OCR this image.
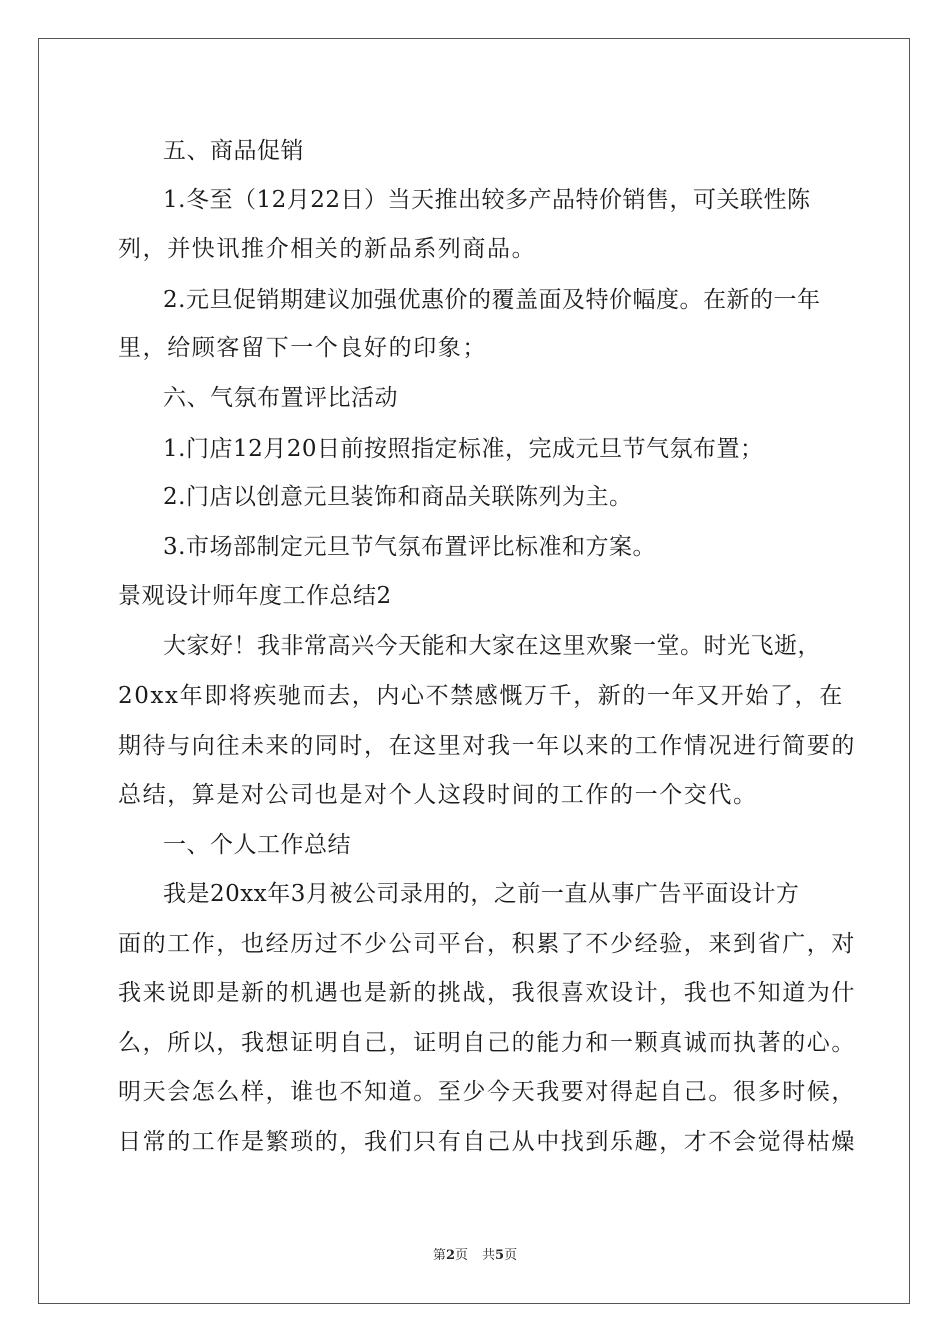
五、商品促销
1.冬至（12月22日）当天推出较多产品特价销售，可关联性陈
列，并快讯推介相关的新品系列商品。
2.元旦促销期建议加强优惠价的覆盖面及特价幅度。在新的一年
里，给顾客留下一个良好的印象；
六、气氛布置评比活动
1.门店12月20日前按照指定标准，完成元旦节气氛布置；
2.门店以创意元旦装饰和商品关联陈列为主。
3.市场部制定元旦节气氛布置评比标准和方案。
景观设计师年度工作总结2
大家好！我非常高兴今天能和大家在这里欢聚一堂。时光飞逝，
20xx年即将疾驰而去，内心不禁感慨万千，新的一年又开始了，在
期待与向往未来的同时，在这里对我一年以来的工作情况进行简要的
总结，算是对公司也是对个人这段时间的工作的一个交代。
一、个人工作总结
我是20xx年3月被公司录用的，之前一直从事广告平面设计方
面的工作，也经历过不少公司平台，积累了不少经验，来到省广，对
我来说即是新的机遇也是新的挑战，我很喜欢设计，我也不知道为什
么，所以，我想证明自己，证明自己的能力和一颗真诚而执著的心。
明天会怎么样，谁也不知道。至少今天我要对得起自己。很多时候，
日常的工作是繁琐的，我们只有自己从中找到乐趣，才不会觉得枯燥
第2页 共5页
